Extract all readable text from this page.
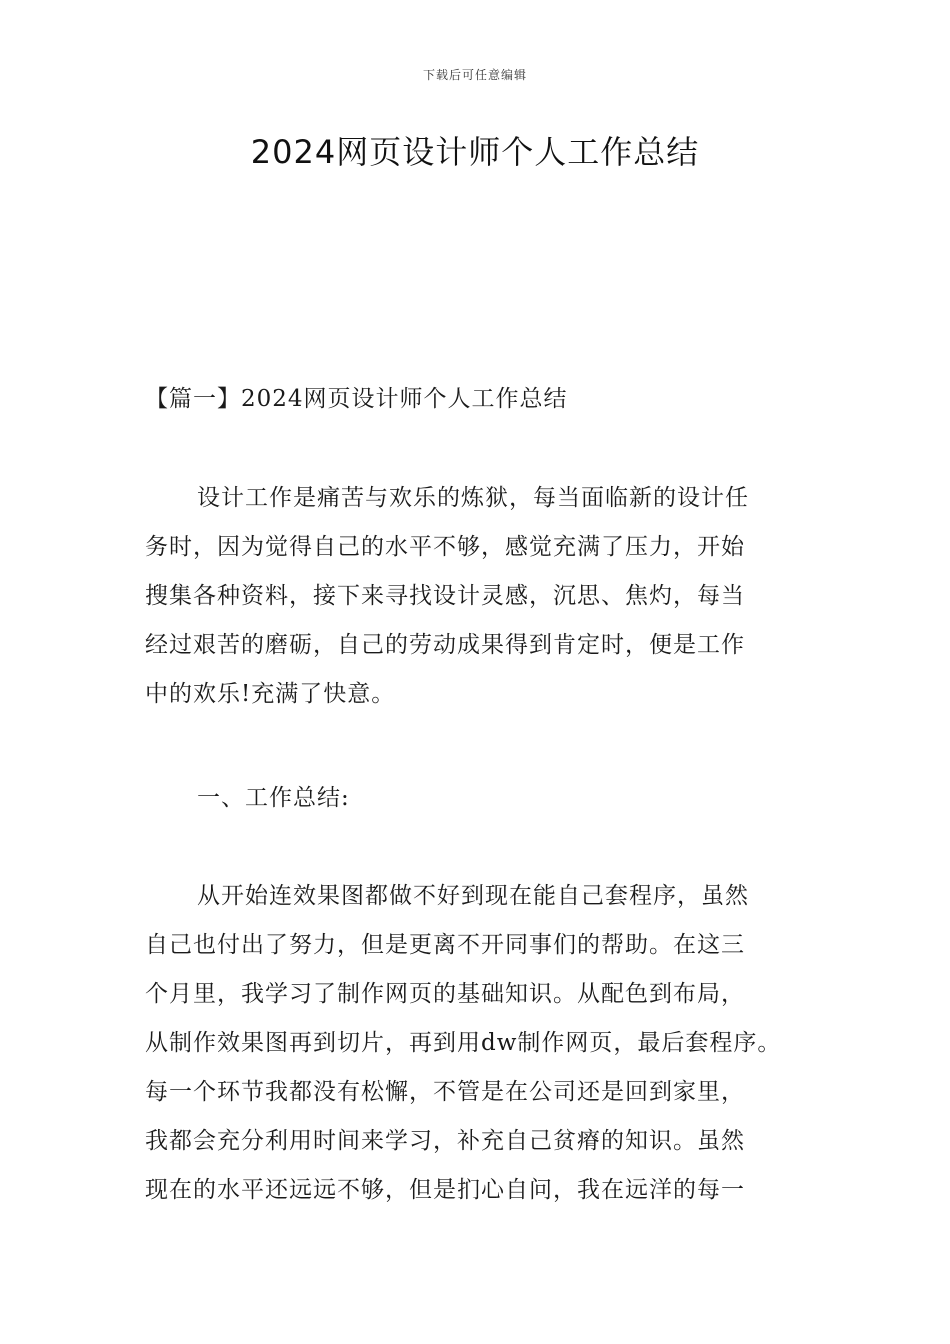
下载后可任意编辑
2024网页设计师个人工作总结
【篇一】2024网页设计师个人工作总结
设计工作是痛苦与欢乐的炼狱，每当面临新的设计任
务时，因为觉得自己的水平不够，感觉充满了压力，开始
搜集各种资料，接下来寻找设计灵感，沉思、焦灼，每当
经过艰苦的磨砺，自己的劳动成果得到肯定时，便是工作
中的欢乐!充满了快意。
一、工作总结:
从开始连效果图都做不好到现在能自己套程序，虽然
自己也付出了努力，但是更离不开同事们的帮助。在这三
个月里，我学习了制作网页的基础知识。从配色到布局，
从制作效果图再到切片，再到用dw制作网页，最后套程序。
每一个环节我都没有松懈，不管是在公司还是回到家里，
我都会充分利用时间来学习，补充自己贫瘠的知识。虽然
现在的水平还远远不够，但是扪心自问，我在远洋的每一
